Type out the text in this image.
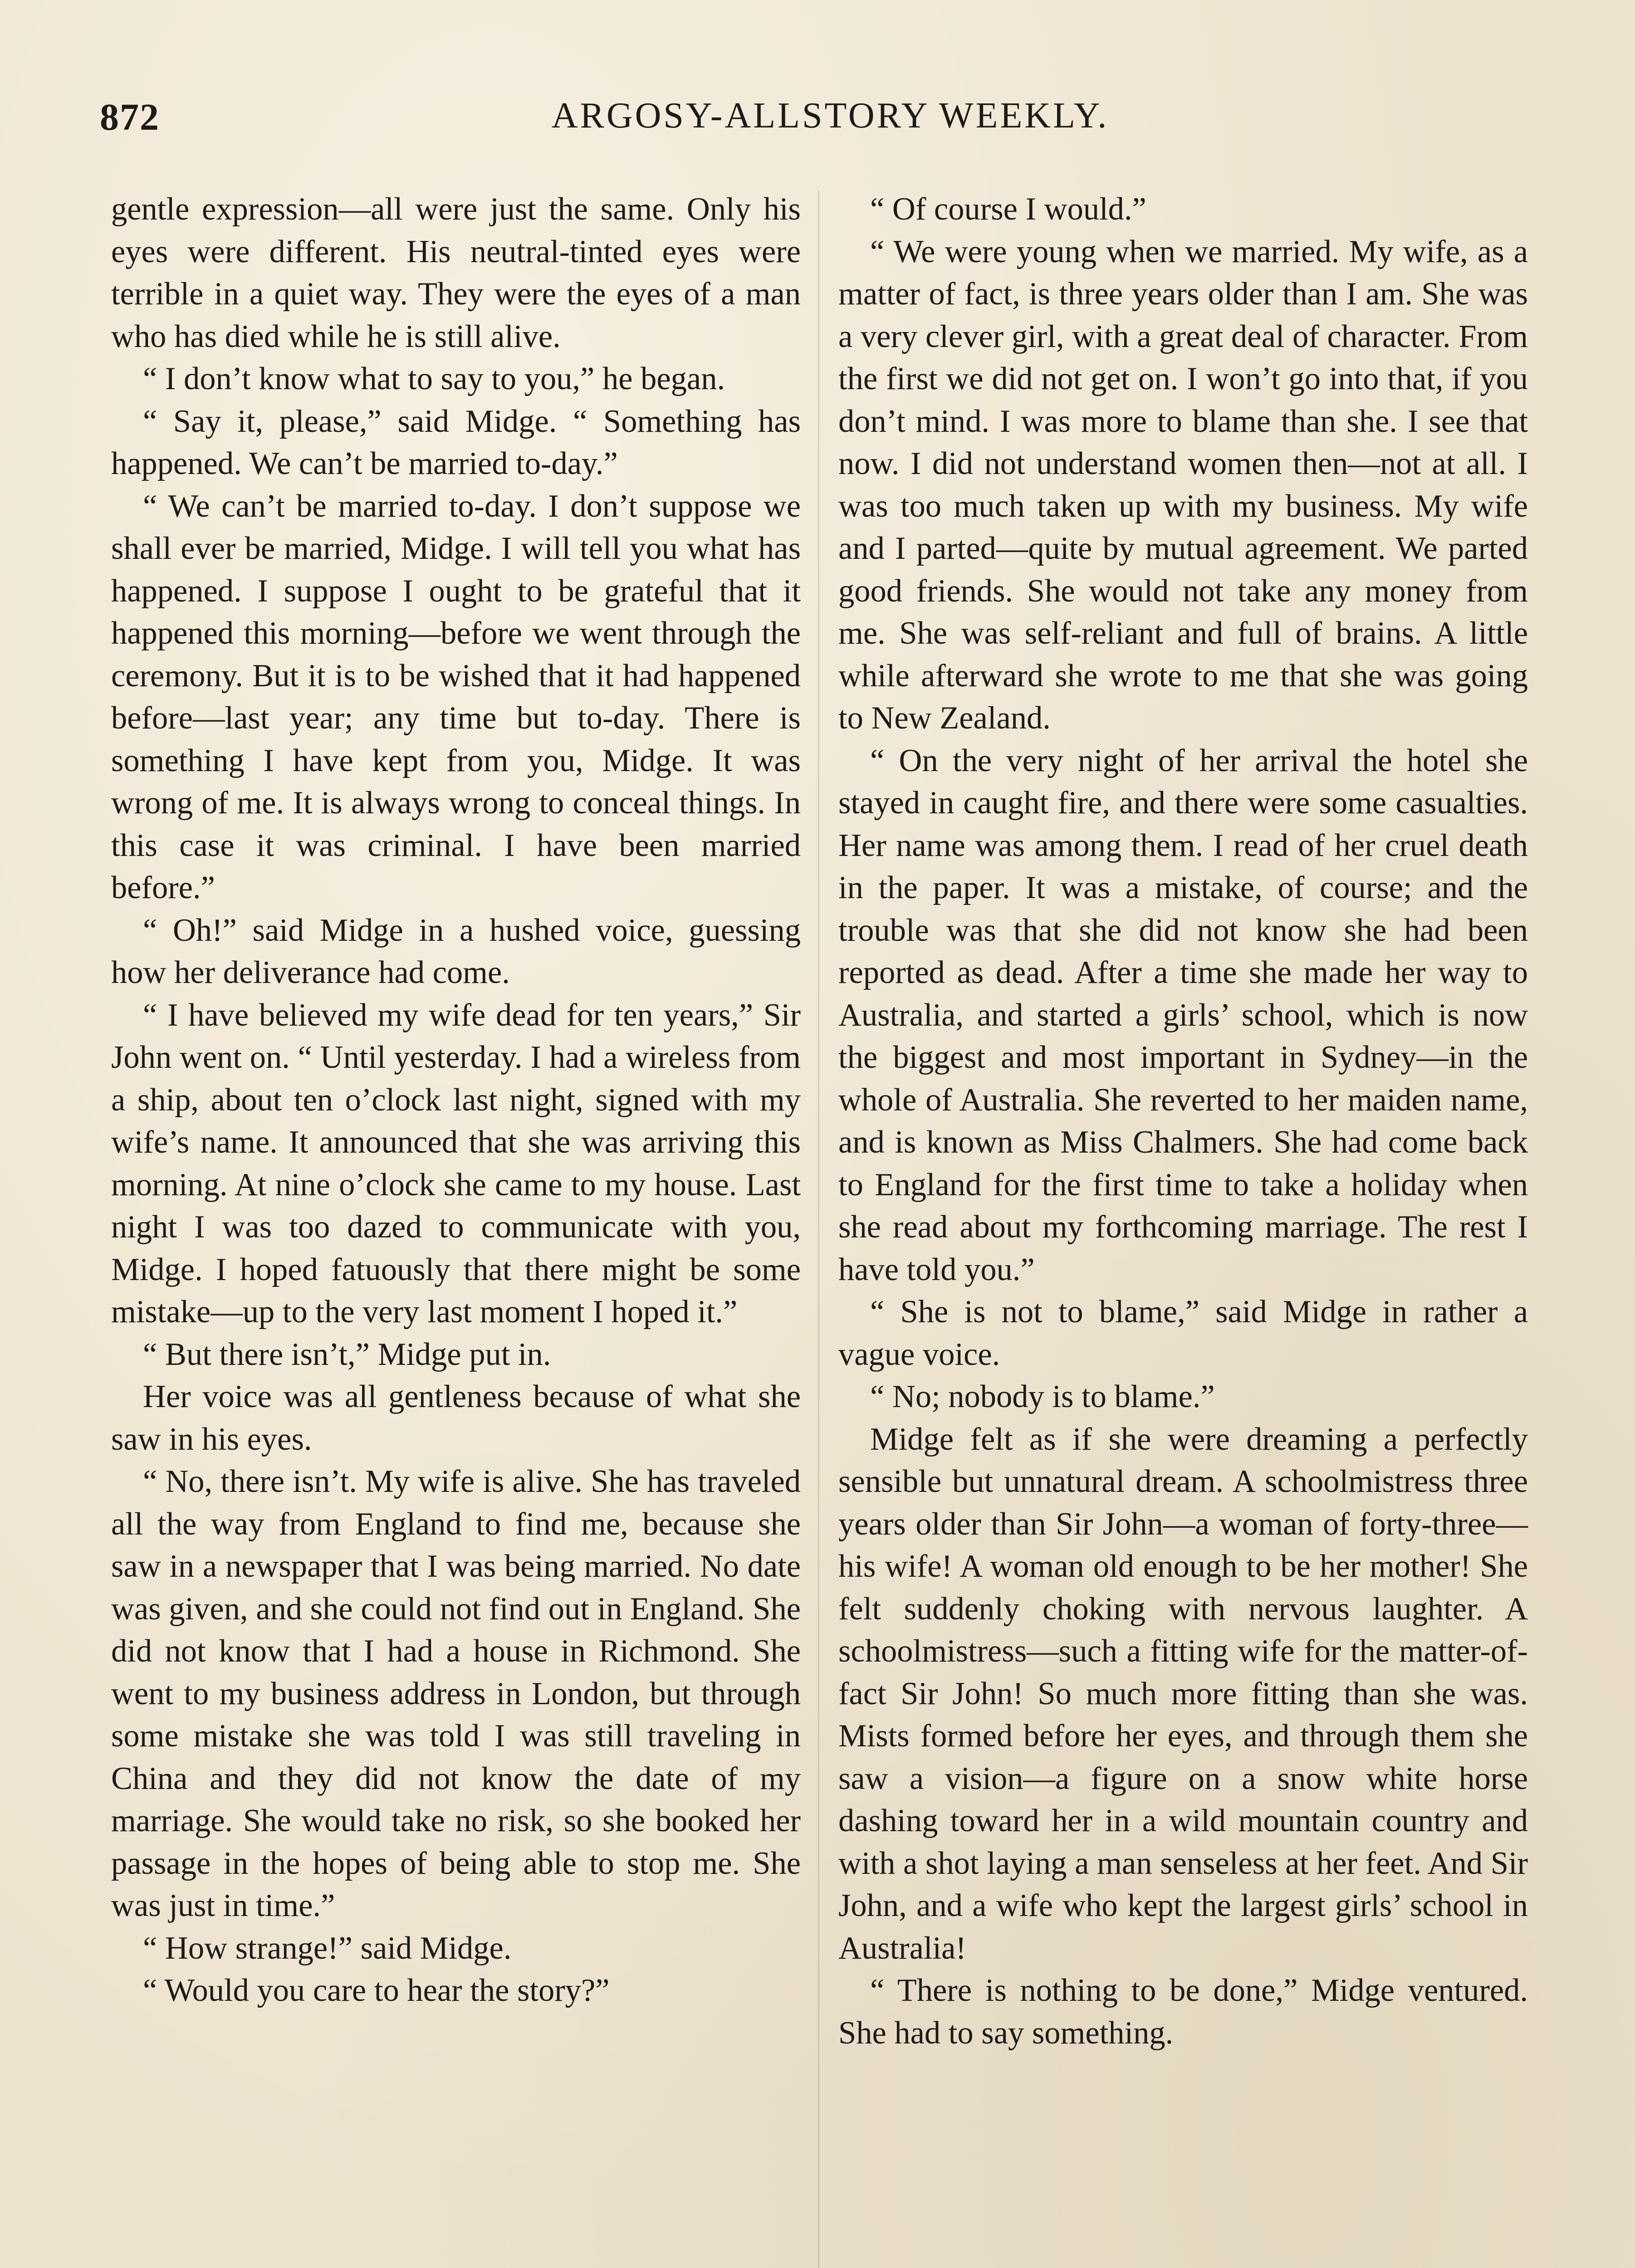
872	ARGOSY-ALLSTORY WEEKLY.

gentle expression—all were just the same. Only his eyes were different. His neutral-tinted eyes were terrible in a quiet way. They were the eyes of a man who has died while he is still alive.

“ I don’t know what to say to you,” he began.

“ Say it, please,” said Midge. “ Something has happened. We can’t be married to-day.”

“ We can’t be married to-day. I don’t suppose we shall ever be married, Midge. I will tell you what has happened. I suppose I ought to be grateful that it happened this morning—before we went through the ceremony. But it is to be wished that it had happened before—last year; any time but to-day. There is something I have kept from you, Midge. It was wrong of me. It is always wrong to conceal things. In this case it was criminal. I have been married before.”

“ Oh!” said Midge in a hushed voice, guessing how her deliverance had come.

“ I have believed my wife dead for ten years,” Sir John went on. “ Until yesterday. I had a wireless from a ship, about ten o’clock last night, signed with my wife’s name. It announced that she was arriving this morning. At nine o’clock she came to my house. Last night I was too dazed to communicate with you, Midge. I hoped fatuously that there might be some mistake—up to the very last moment I hoped it.”

“ But there isn’t,” Midge put in.

Her voice was all gentleness because of what she saw in his eyes.

“ No, there isn’t. My wife is alive. She has traveled all the way from England to find me, because she saw in a newspaper that I was being married. No date was given, and she could not find out in England. She did not know that I had a house in Richmond. She went to my business address in London, but through some mistake she was told I was still traveling in China and they did not know the date of my marriage. She would take no risk, so she booked her passage in the hopes of being able to stop me. She was just in time.”

“ How strange!” said Midge.

“ Would you care to hear the story?”

“ Of course I would.”

“ We were young when we married. My wife, as a matter of fact, is three years older than I am. She was a very clever girl, with a great deal of character. From the first we did not get on. I won’t go into that, if you don’t mind. I was more to blame than she. I see that now. I did not understand women then—not at all. I was too much taken up with my business. My wife and I parted—quite by mutual agreement. We parted good friends. She would not take any money from me. She was self-reliant and full of brains. A little while afterward she wrote to me that she was going to New Zealand.

“ On the very night of her arrival the hotel she stayed in caught fire, and there were some casualties. Her name was among them. I read of her cruel death in the paper. It was a mistake, of course; and the trouble was that she did not know she had been reported as dead. After a time she made her way to Australia, and started a girls’ school, which is now the biggest and most important in Sydney—in the whole of Australia. She reverted to her maiden name, and is known as Miss Chalmers. She had come back to England for the first time to take a holiday when she read about my forthcoming marriage. The rest I have told you.”

“ She is not to blame,” said Midge in rather a vague voice.

“ No; nobody is to blame.”

Midge felt as if she were dreaming a perfectly sensible but unnatural dream. A schoolmistress three years older than Sir John—a woman of forty-three—his wife! A woman old enough to be her mother! She felt suddenly choking with nervous laughter. A schoolmistress—such a fitting wife for the matter-of-fact Sir John! So much more fitting than she was. Mists formed before her eyes, and through them she saw a vision—a figure on a snow white horse dashing toward her in a wild mountain country and with a shot laying a man senseless at her feet. And Sir John, and a wife who kept the largest girls’ school in Australia!

“ There is nothing to be done,” Midge ventured. She had to say something.
